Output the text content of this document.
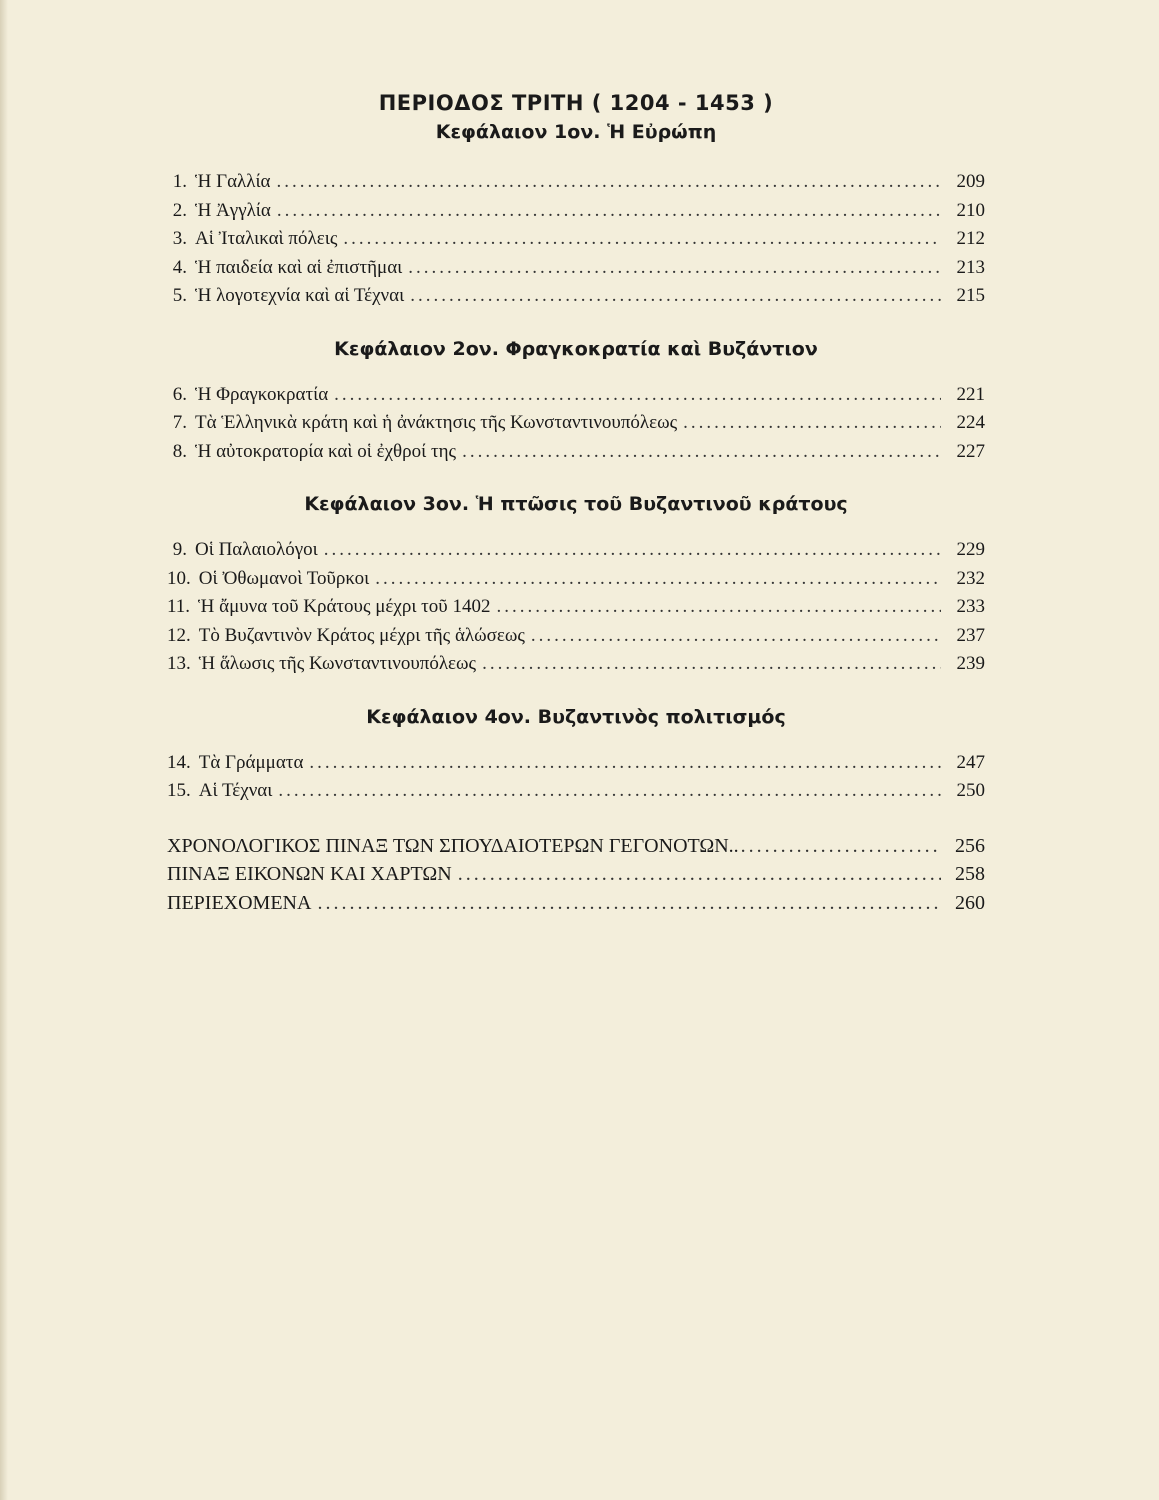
ΠΕΡΙΟΔΟΣ ΤΡΙΤΗ ( 1204 - 1453 )
Κεφάλαιον 1ον. Ἡ Εὐρώπη
1. Ἡ Γαλλία .....	209
2. Ἡ Ἀγγλία .....	210
3. Αἱ Ἰταλικαὶ πόλεις .....	212
4. Ἡ παιδεία καὶ αἱ ἐπιστῆμαι .....	213
5. Ἡ λογοτεχνία καὶ αἱ Τέχναι .....	215
Κεφάλαιον 2ον. Φραγκοκρατία καὶ Βυζάντιον
6. Ἡ Φραγκοκρατία .....	221
7. Τὰ Ἑλληνικὰ κράτη καὶ ἡ ἀνάκτησις τῆς Κωνσταντινουπόλεως .....	224
8. Ἡ αὐτοκρατορία καὶ οἱ ἐχθροί της .....	227
Κεφάλαιον 3ον. Ἡ πτῶσις τοῦ Βυζαντινοῦ κράτους
9. Οἱ Παλαιολόγοι .....	229
10. Οἱ Ὀθωμανοὶ Τοῦρκοι .....	232
11. Ἡ ἄμυνα τοῦ Κράτους μέχρι τοῦ 1402 .....	233
12. Τὸ Βυζαντινὸν Κράτος μέχρι τῆς ἁλώσεως .....	237
13. Ἡ ἅλωσις τῆς Κωνσταντινουπόλεως .....	239
Κεφάλαιον 4ον. Βυζαντινὸς πολιτισμός
14. Τὰ Γράμματα .....	247
15. Αἱ Τέχναι .....	250
ΧΡΟΝΟΛΟΓΙΚΟΣ ΠΙΝΑΞ ΤΩΝ ΣΠΟΥΔΑΙΟΤΕΡΩΝ ΓΕΓΟΝΟΤΩΝ.. .....	256
ΠΙΝΑΞ ΕΙΚΟΝΩΝ ΚΑΙ ΧΑΡΤΩΝ .....	258
ΠΕΡΙΕΧΟΜΕΝΑ .....	260
